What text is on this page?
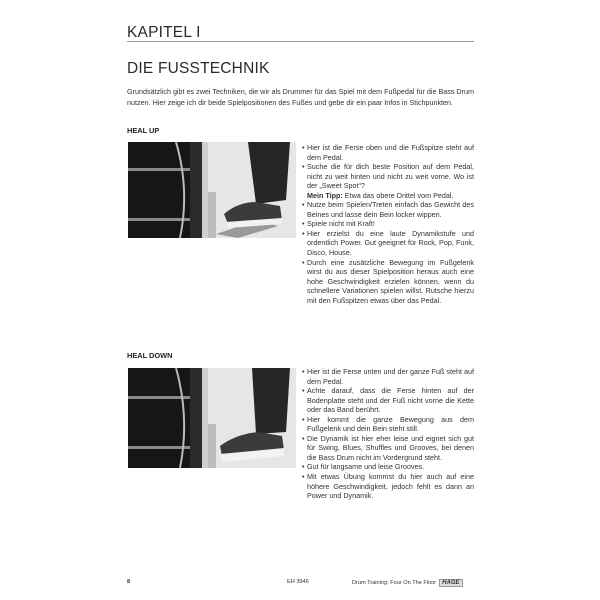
KAPITEL I
DIE FUSSTECHNIK
Grundsätzlich gibt es zwei Techniken, die wir als Drummer für das Spiel mit dem Fußpedal für die Bass Drum nutzen. Hier zeige ich dir beide Spielpositionen des Fußes und gebe dir ein paar Infos in Stichpunkten.
HEAL UP
• Hier ist die Ferse oben und die Fußspitze steht auf dem Pedal.
• Suche die für dich beste Position auf dem Pedal, nicht zu weit hinten und nicht zu weit vorne. Wo ist der „Sweet Spot“?
Mein Tipp: Etwa das obere Drittel vom Pedal.
• Nutze beim Spielen/Treten einfach das Gewicht des Beines und lasse dein Bein locker wippen.
• Spiele nicht mit Kraft!
• Hier erzielst du eine laute Dynamikstufe und ordentlich Power. Gut geeignet für Rock, Pop, Funk, Disco, House.
• Durch eine zusätzliche Bewegung im Fußgelenk wirst du aus dieser Spielposition heraus auch eine hohe Geschwindigkeit erzielen können, wenn du schnellere Variationen spielen willst. Rutsche hierzu mit den Fußspitzen etwas über das Pedal.
HEAL DOWN
• Hier ist die Ferse unten und der ganze Fuß steht auf dem Pedal.
• Achte darauf, dass die Ferse hinten auf der Bodenplatte steht und der Fuß nicht vorne die Kette oder das Band berührt.
• Hier kommt die ganze Bewegung aus dem Fußgelenk und dein Bein steht still.
• Die Dynamik ist hier eher leise und eignet sich gut für Swing, Blues, Shuffles und Grooves, bei denen die Bass Drum nicht im Vordergrund steht.
• Gut für langsame und leise Grooves.
• Mit etwas Übung kommst du hier auch auf eine höhere Geschwindigkeit, jedoch fehlt es dann an Power und Dynamik.
8	EH 3946	Drum Training: Four On The Floor HAGE
